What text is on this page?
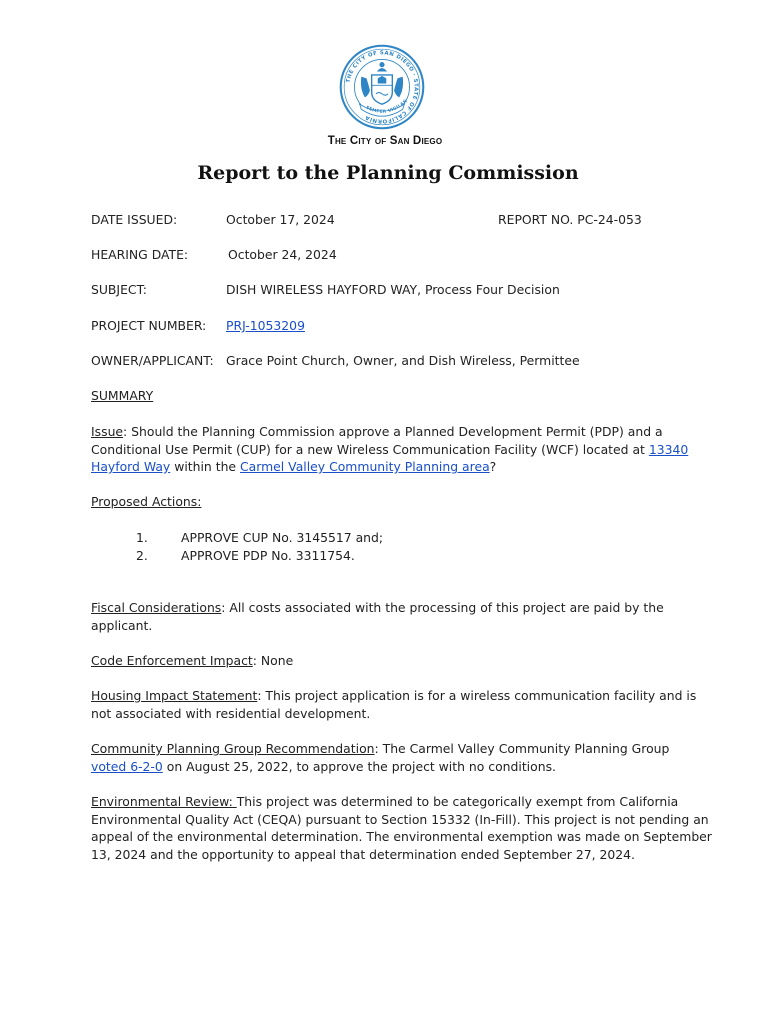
THE CITY OF SAN DIEGO · STATE OF CALIFORNIA
SEMPER VIGILAN
The City of San Diego
Report to the Planning Commission
DATE ISSUED:	October 17, 2024	REPORT NO. PC-24-053
HEARING DATE:	October 24, 2024
SUBJECT:	DISH WIRELESS HAYFORD WAY, Process Four Decision
PROJECT NUMBER: PRJ-1053209
OWNER/APPLICANT: Grace Point Church, Owner, and Dish Wireless, Permittee
SUMMARY
Issue: Should the Planning Commission approve a Planned Development Permit (PDP) and a
Conditional Use Permit (CUP) for a new Wireless Communication Facility (WCF) located at 13340
Hayford Way within the Carmel Valley Community Planning area?
Proposed Actions:
1.	APPROVE CUP No. 3145517 and;
2.	APPROVE PDP No. 3311754.
Fiscal Considerations: All costs associated with the processing of this project are paid by the
applicant.
Code Enforcement Impact: None
Housing Impact Statement: This project application is for a wireless communication facility and is
not associated with residential development.
Community Planning Group Recommendation: The Carmel Valley Community Planning Group
voted 6-2-0 on August 25, 2022, to approve the project with no conditions.
Environmental Review: This project was determined to be categorically exempt from California
Environmental Quality Act (CEQA) pursuant to Section 15332 (In-Fill). This project is not pending an
appeal of the environmental determination. The environmental exemption was made on September
13, 2024 and the opportunity to appeal that determination ended September 27, 2024.
